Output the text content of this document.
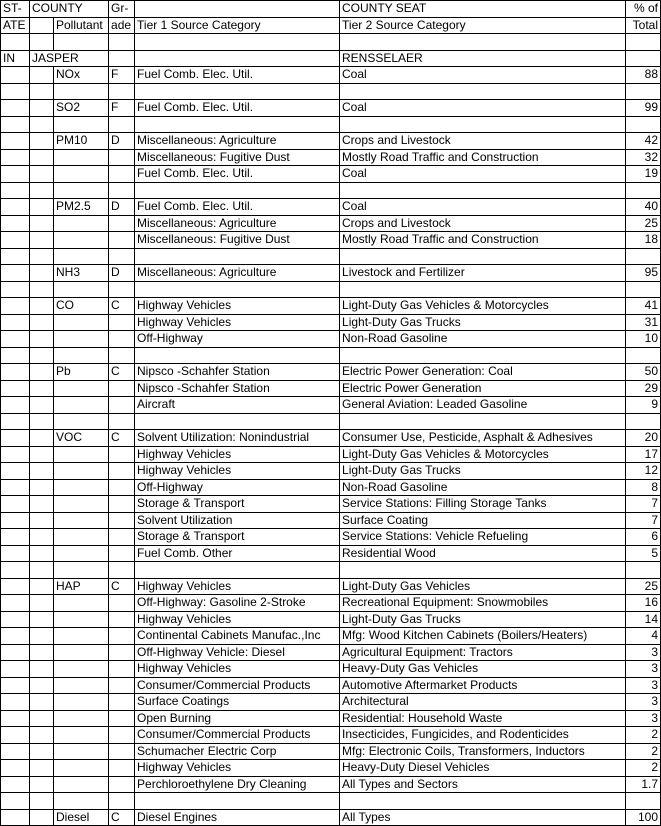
ST-	COUNTY		Gr-		COUNTY SEAT	% of
ATE		Pollutant	ade	Tier 1 Source Category	Tier 2 Source Category	Total

IN	JASPER				RENSSELAER	
		NOx	F	Fuel Comb. Elec. Util.	Coal	88

		SO2	F	Fuel Comb. Elec. Util.	Coal	99

		PM10	D	Miscellaneous: Agriculture	Crops and Livestock	42
				Miscellaneous: Fugitive Dust	Mostly Road Traffic and Construction	32
				Fuel Comb. Elec. Util.	Coal	19

		PM2.5	D	Fuel Comb. Elec. Util.	Coal	40
				Miscellaneous: Agriculture	Crops and Livestock	25
				Miscellaneous: Fugitive Dust	Mostly Road Traffic and Construction	18

		NH3	D	Miscellaneous: Agriculture	Livestock and Fertilizer	95

		CO	C	Highway Vehicles	Light-Duty Gas Vehicles & Motorcycles	41
				Highway Vehicles	Light-Duty Gas Trucks	31
				Off-Highway	Non-Road Gasoline	10

		Pb	C	Nipsco -Schahfer Station	Electric Power Generation: Coal	50
				Nipsco -Schahfer Station	Electric Power Generation	29
				Aircraft	General Aviation: Leaded Gasoline	9

		VOC	C	Solvent Utilization: Nonindustrial	Consumer Use, Pesticide, Asphalt & Adhesives	20
				Highway Vehicles	Light-Duty Gas Vehicles & Motorcycles	17
				Highway Vehicles	Light-Duty Gas Trucks	12
				Off-Highway	Non-Road Gasoline	8
				Storage & Transport	Service Stations: Filling Storage Tanks	7
				Solvent Utilization	Surface Coating	7
				Storage & Transport	Service Stations: Vehicle Refueling	6
				Fuel Comb. Other	Residential Wood	5

		HAP	C	Highway Vehicles	Light-Duty Gas Vehicles	25
				Off-Highway: Gasoline 2-Stroke	Recreational Equipment: Snowmobiles	16
				Highway Vehicles	Light-Duty Gas Trucks	14
				Continental Cabinets Manufac.,Inc	Mfg: Wood Kitchen Cabinets (Boilers/Heaters)	4
				Off-Highway Vehicle: Diesel	Agricultural Equipment: Tractors	3
				Highway Vehicles	Heavy-Duty Gas Vehicles	3
				Consumer/Commercial Products	Automotive Aftermarket Products	3
				Surface Coatings	Architectural	3
				Open Burning	Residential: Household Waste	3
				Consumer/Commercial Products	Insecticides, Fungicides, and Rodenticides	2
				Schumacher Electric Corp	Mfg: Electronic Coils, Transformers, Inductors	2
				Highway Vehicles	Heavy-Duty Diesel Vehicles	2
				Perchloroethylene Dry Cleaning	All Types and Sectors	1.7

		Diesel	C	Diesel Engines	All Types	100
